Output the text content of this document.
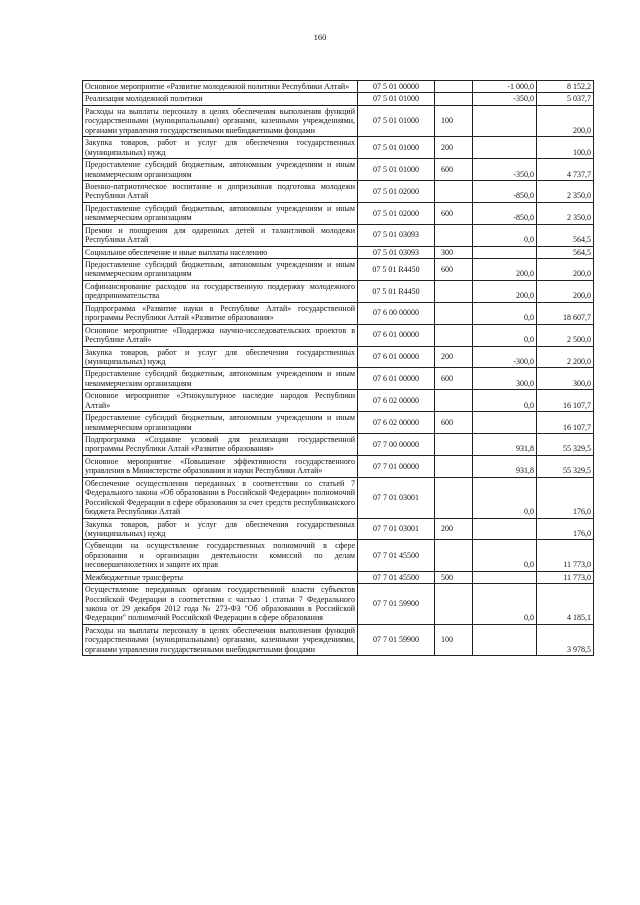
160
Основное мероприятие «Развитие молодежной политики Республики Алтай»	07 5 01 00000		-1 000,0	8 152,2
Реализация молодежной политики	07 5 01 01000		-350,0	5 037,7
Расходы на выплаты персоналу в целях обеспечения выполнения функций государственными (муниципальными) органами, казенными учреждениями, органами управления государственными внебюджетными фондами	07 5 01 01000	100		200,0
Закупка товаров, работ и услуг для обеспечения государственных (муниципальных) нужд	07 5 01 01000	200		100,0
Предоставление субсидий бюджетным, автономным учреждениям и иным некоммерческим организациям	07 5 01 01000	600	-350,0	4 737,7
Военно-патриотическое воспитание и допризывная подготовка молодежи Республики Алтай	07 5 01 02000		-850,0	2 350,0
Предоставление субсидий бюджетным, автономным учреждениям и иным некоммерческим организациям	07 5 01 02000	600	-850,0	2 350,0
Премии и поощрения для одаренных детей и талантливой молодежи Республики Алтай	07 5 01 03093		0,0	564,5
Социальное обеспечение и иные выплаты населению	07 5 01 03093	300		564,5
Предоставление субсидий бюджетным, автономным учреждениям и иным некоммерческим организациям	07 5 01 R4450	600	200,0	200,0
Софинансирование расходов на государственную поддержку молодежного предпринимательства	07 5 01 R4450		200,0	200,0
Подпрограмма «Развитие науки в Республике Алтай» государственной программы Республики Алтай «Развитие образования»	07 6 00 00000		0,0	18 607,7
Основное мероприятие «Поддержка научно-исследовательских проектов в Республике Алтай»	07 6 01 00000		0,0	2 500,0
Закупка товаров, работ и услуг для обеспечения государственных (муниципальных) нужд	07 6 01 00000	200	-300,0	2 200,0
Предоставление субсидий бюджетным, автономным учреждениям и иным некоммерческим организациям	07 6 01 00000	600	300,0	300,0
Основное мероприятие «Этнокультурное наследие народов Республики Алтай»	07 6 02 00000		0,0	16 107,7
Предоставление субсидий бюджетным, автономным учреждениям и иным некоммерческим организациям	07 6 02 00000	600		16 107,7
Подпрограмма «Создание условий для реализации государственной программы Республики Алтай «Развитие образования»	07 7 00 00000		931,8	55 329,5
Основное мероприятие «Повышение эффективности государственного управления в Министерстве образования и науки Республики Алтай»	07 7 01 00000		931,8	55 329,5
Обеспечение осуществления переданных в соответствии со статьей 7 Федерального закона «Об образовании в Российской Федерации» полномочий Российской Федерации в сфере образования за счет средств республиканского бюджета Республики Алтай	07 7 01 03001		0,0	176,0
Закупка товаров, работ и услуг для обеспечения государственных (муниципальных) нужд	07 7 01 03001	200		176,0
Субвенции на осуществление государственных полномочий в сфере образования и организации деятельности комиссий по делам несовершеннолетних и защите их прав	07 7 01 45500		0,0	11 773,0
Межбюджетные трансферты	07 7 01 45500	500		11 773,0
Осуществление переданных органам государственной власти субъектов Российской Федерации в соответствии с частью 1 статьи 7 Федерального закона от 29 декабря 2012 года № 273-ФЗ "Об образовании в Российской Федерации" полномочий Российской Федерации в сфере образования	07 7 01 59900		0,0	4 185,1
Расходы на выплаты персоналу в целях обеспечения выполнения функций государственными (муниципальными) органами, казенными учреждениями, органами управления государственными внебюджетными фондами	07 7 01 59900	100		3 978,5
